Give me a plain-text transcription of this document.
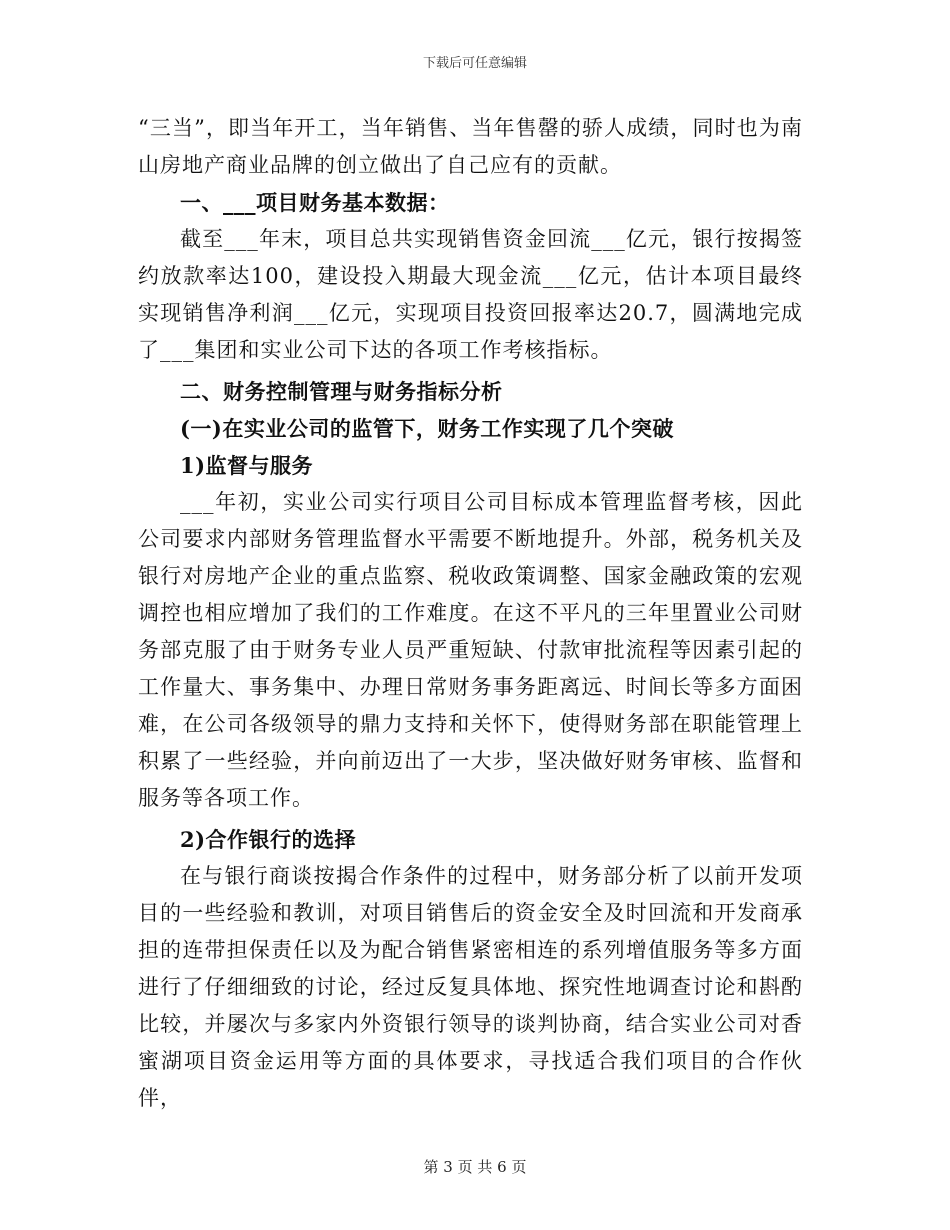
下载后可任意编辑

“三当”，即当年开工，当年销售、当年售罄的骄人成绩，同时也为南山房地产商业品牌的创立做出了自己应有的贡献。

一、___项目财务基本数据：

截至___年末，项目总共实现销售资金回流___亿元，银行按揭签约放款率达100，建设投入期最大现金流___亿元，估计本项目最终实现销售净利润___亿元，实现项目投资回报率达20.7，圆满地完成了___集团和实业公司下达的各项工作考核指标。

二、财务控制管理与财务指标分析

(一)在实业公司的监管下，财务工作实现了几个突破

1)监督与服务

___年初，实业公司实行项目公司目标成本管理监督考核，因此公司要求内部财务管理监督水平需要不断地提升。外部，税务机关及银行对房地产企业的重点监察、税收政策调整、国家金融政策的宏观调控也相应增加了我们的工作难度。在这不平凡的三年里置业公司财务部克服了由于财务专业人员严重短缺、付款审批流程等因素引起的工作量大、事务集中、办理日常财务事务距离远、时间长等多方面困难，在公司各级领导的鼎力支持和关怀下，使得财务部在职能管理上积累了一些经验，并向前迈出了一大步，坚决做好财务审核、监督和服务等各项工作。

2)合作银行的选择

在与银行商谈按揭合作条件的过程中，财务部分析了以前开发项目的一些经验和教训，对项目销售后的资金安全及时回流和开发商承担的连带担保责任以及为配合销售紧密相连的系列增值服务等多方面进行了仔细细致的讨论，经过反复具体地、探究性地调查讨论和斟酌比较，并屡次与多家内外资银行领导的谈判协商，结合实业公司对香蜜湖项目资金运用等方面的具体要求，寻找适合我们项目的合作伙伴，

第 3 页 共 6 页
